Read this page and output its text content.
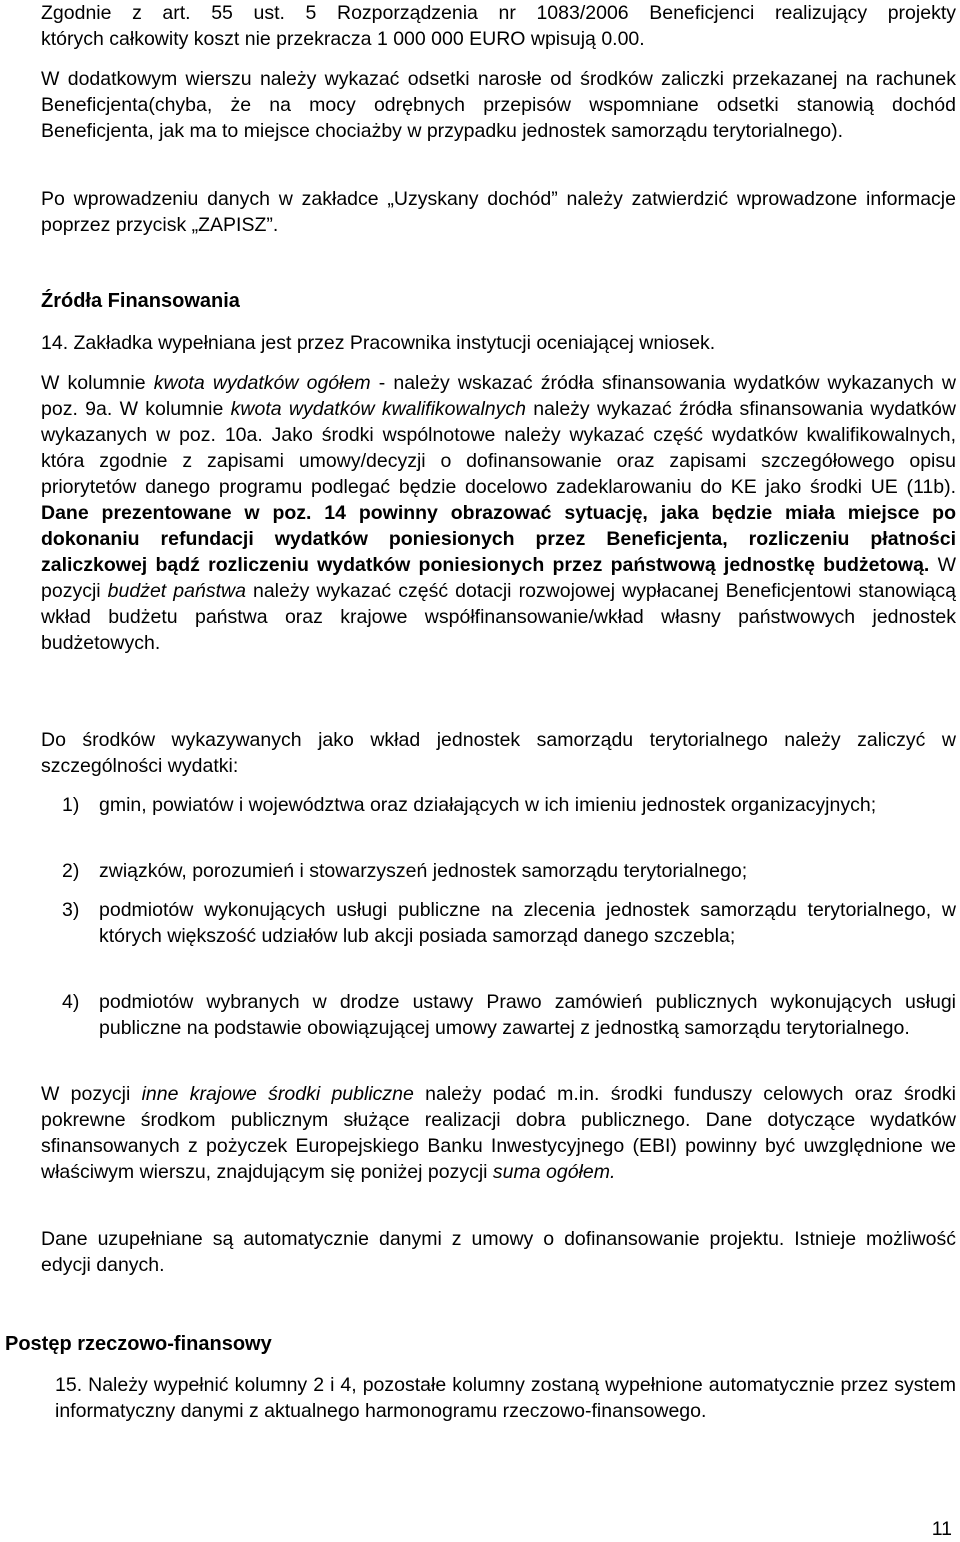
Zgodnie z art. 55 ust. 5 Rozporządzenia nr 1083/2006 Beneficjenci realizujący projekty
których całkowity koszt nie przekracza 1 000 000 EURO wpisują 0.00.

W dodatkowym wierszu należy wykazać odsetki narosłe od środków zaliczki przekazanej na rachunek Beneficjenta(chyba, że na mocy odrębnych przepisów wspomniane odsetki stanowią dochód Beneficjenta, jak ma to miejsce chociażby w przypadku jednostek samorządu terytorialnego).

Po wprowadzeniu danych w zakładce „Uzyskany dochód” należy zatwierdzić wprowadzone informacje poprzez przycisk „ZAPISZ”.

Źródła Finansowania

14. Zakładka wypełniana jest przez Pracownika instytucji oceniającej wniosek.

W kolumnie kwota wydatków ogółem - należy wskazać źródła sfinansowania wydatków wykazanych w poz. 9a. W kolumnie kwota wydatków kwalifikowalnych należy wykazać źródła sfinansowania wydatków wykazanych w poz. 10a. Jako środki wspólnotowe należy wykazać część wydatków kwalifikowalnych, która zgodnie z zapisami umowy/decyzji o dofinansowanie oraz zapisami szczegółowego opisu priorytetów danego programu podlegać będzie docelowo zadeklarowaniu do KE jako środki UE (11b). Dane prezentowane w poz. 14 powinny obrazować sytuację, jaka będzie miała miejsce po dokonaniu refundacji wydatków poniesionych przez Beneficjenta, rozliczeniu płatności zaliczkowej bądź rozliczeniu wydatków poniesionych przez państwową jednostkę budżetową. W pozycji budżet państwa należy wykazać część dotacji rozwojowej wypłacanej Beneficjentowi stanowiącą wkład budżetu państwa oraz krajowe współfinansowanie/wkład własny państwowych jednostek budżetowych.

Do środków wykazywanych jako wkład jednostek samorządu terytorialnego należy zaliczyć w szczególności wydatki:

1) gmin, powiatów i województwa oraz działających w ich imieniu jednostek organizacyjnych;
2) związków, porozumień i stowarzyszeń jednostek samorządu terytorialnego;
3) podmiotów wykonujących usługi publiczne na zlecenia jednostek samorządu terytorialnego, w których większość udziałów lub akcji posiada samorząd danego szczebla;
4) podmiotów wybranych w drodze ustawy Prawo zamówień publicznych wykonujących usługi publiczne na podstawie obowiązującej umowy zawartej z jednostką samorządu terytorialnego.

W pozycji inne krajowe środki publiczne należy podać m.in. środki funduszy celowych oraz środki pokrewne środkom publicznym służące realizacji dobra publicznego. Dane dotyczące wydatków sfinansowanych z pożyczek Europejskiego Banku Inwestycyjnego (EBI) powinny być uwzględnione we właściwym wierszu, znajdującym się poniżej pozycji suma ogółem.

Dane uzupełniane są automatycznie danymi z umowy o dofinansowanie projektu. Istnieje możliwość edycji danych.

Postęp rzeczowo-finansowy

15. Należy wypełnić kolumny 2 i 4, pozostałe kolumny zostaną wypełnione automatycznie przez system informatyczny danymi z aktualnego harmonogramu rzeczowo-finansowego.

11
